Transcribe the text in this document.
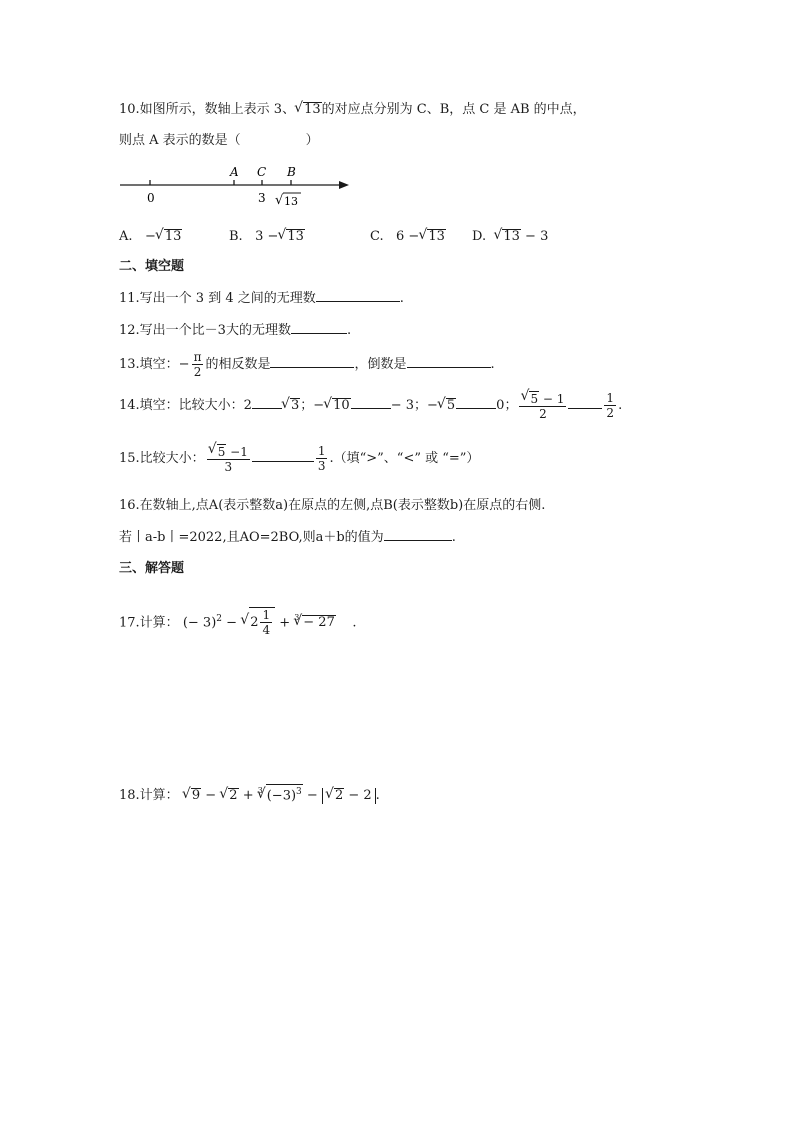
10.如图所示，数轴上表示 3、 √ 13的对应点分别为 C、B，点 C 是 AB 的中点，
则点 A 表示的数是（　　　　　）
0
A C B
3 √ 13
A. − √ 13	B. 3 − √ 13	C. 6 − √ 13 D. √ 13 − 3
二、填空题
11.写出一个 3 到 4 之间的无理数	.
12.写出一个比－3大的无理数	.
13.填空：− $\frac{\pi}{2}$ 的相反数是	，倒数是	.
14.填空：比较大小：2	√ 3；− √ 10	− 3；− √ 5	0； √ $\frac{5 - 1}{2}$	$\frac{1}{2}$ .
15.比较大小： √ $\frac{5 -1}{3}$	$\frac{1}{3}$ .（填“>”、“<” 或 “=”）
16.在数轴上,点A(表示整数a)在原点的左侧,点B(表示整数b)在原点的右侧.
若丨a-b丨=2022,且AO=2BO,则a＋b的值为	.
三、解答题
17.计算： (− 3)$^2$ − √ $2 \frac{1}{4}$ + √ 3 − 27 .
18.计算： √ 9 − √ 2 + √ 3 $(-3)^3$ − √ 2 − 2 .
